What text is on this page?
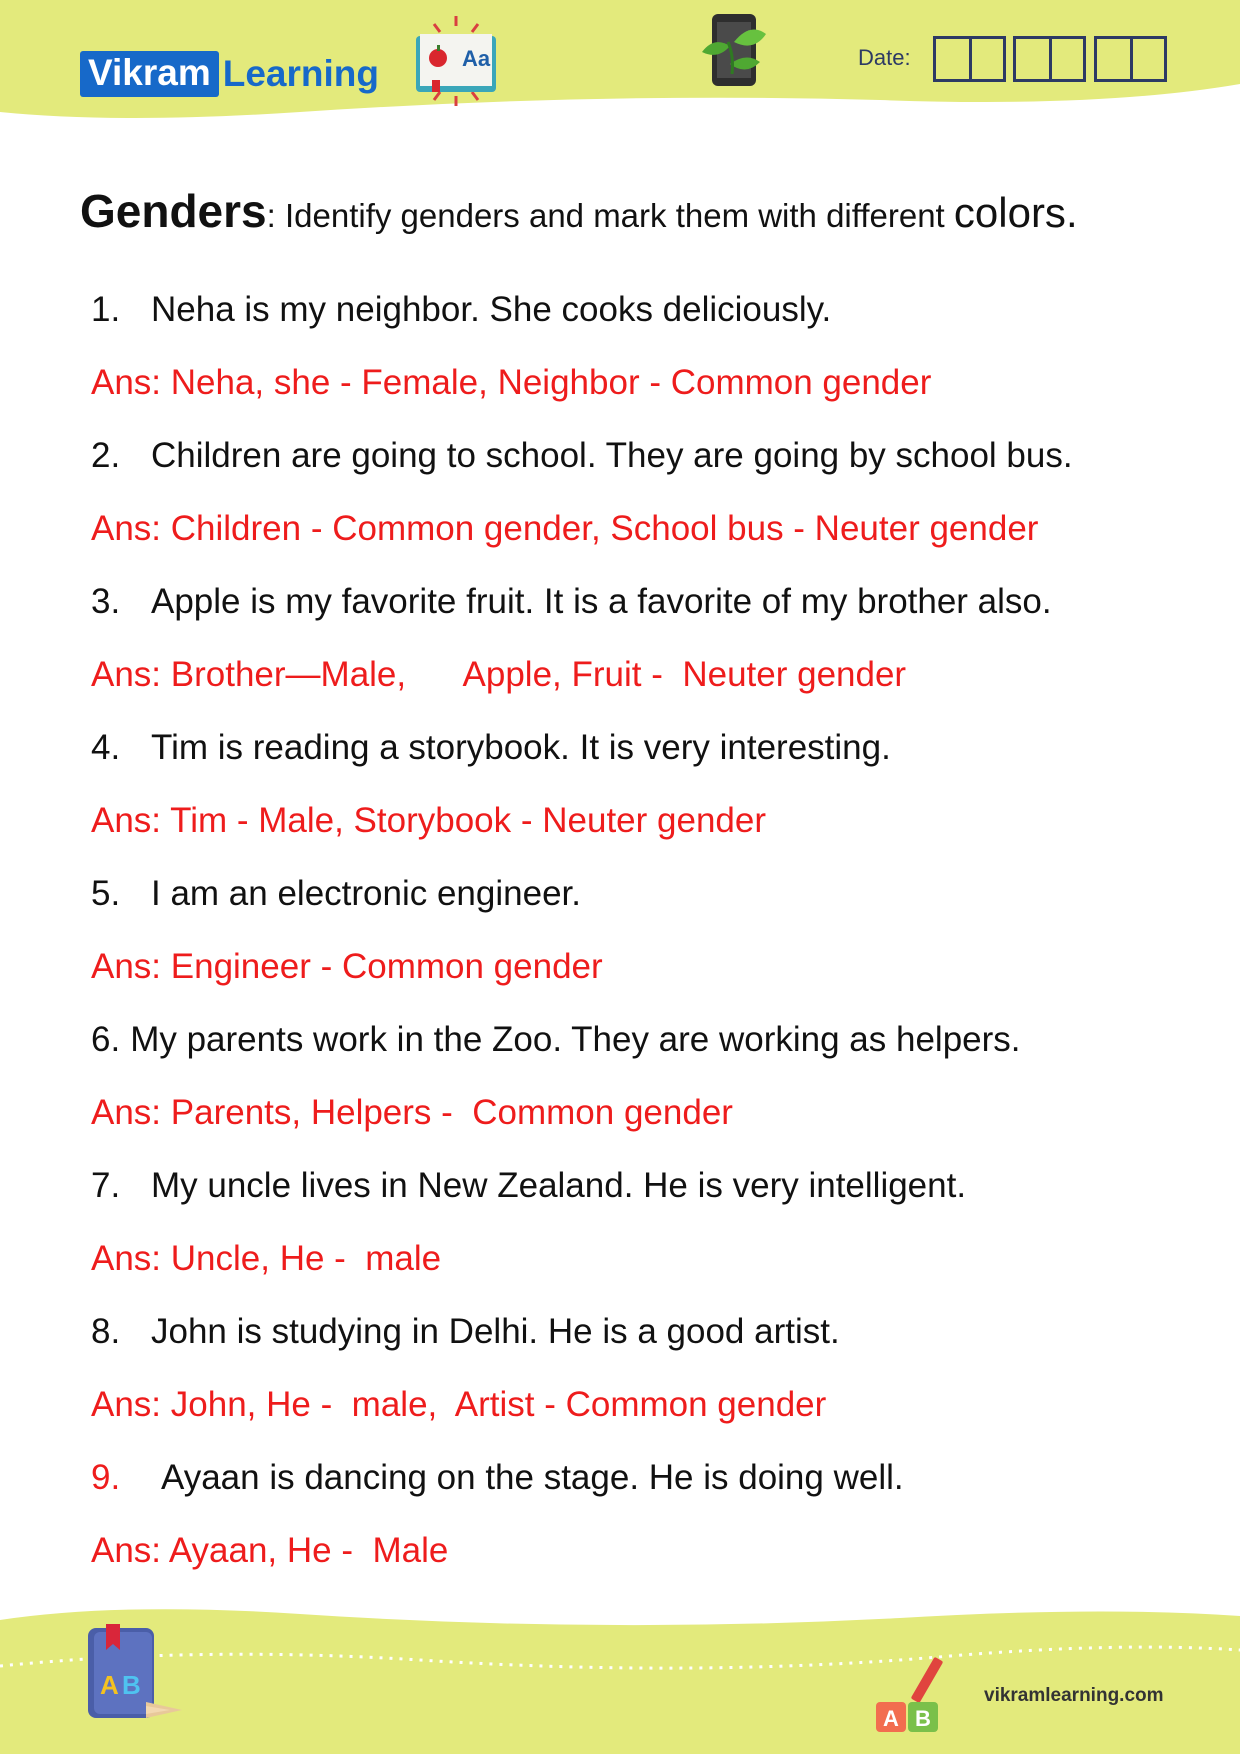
Vikram Learning	Aa	Date:
Genders: Identify genders and mark them with different colors.
1. Neha is my neighbor. She cooks deliciously.
Ans: Neha, she - Female, Neighbor - Common gender
2. Children are going to school. They are going by school bus.
Ans: Children - Common gender, School bus - Neuter gender
3. Apple is my favorite fruit. It is a favorite of my brother also.
Ans: Brother—Male,      Apple, Fruit -  Neuter gender
4. Tim is reading a storybook. It is very interesting.
Ans: Tim - Male, Storybook - Neuter gender
5. I am an electronic engineer.
Ans: Engineer - Common gender
6. My parents work in the Zoo. They are working as helpers.
Ans: Parents, Helpers -  Common gender
7. My uncle lives in New Zealand. He is very intelligent.
Ans: Uncle, He -  male
8. John is studying in Delhi. He is a good artist.
Ans: John, He -  male,  Artist - Common gender
9. Ayaan is dancing on the stage. He is doing well.
Ans: Ayaan, He -  Male
A B
A B
vikramlearning.com
